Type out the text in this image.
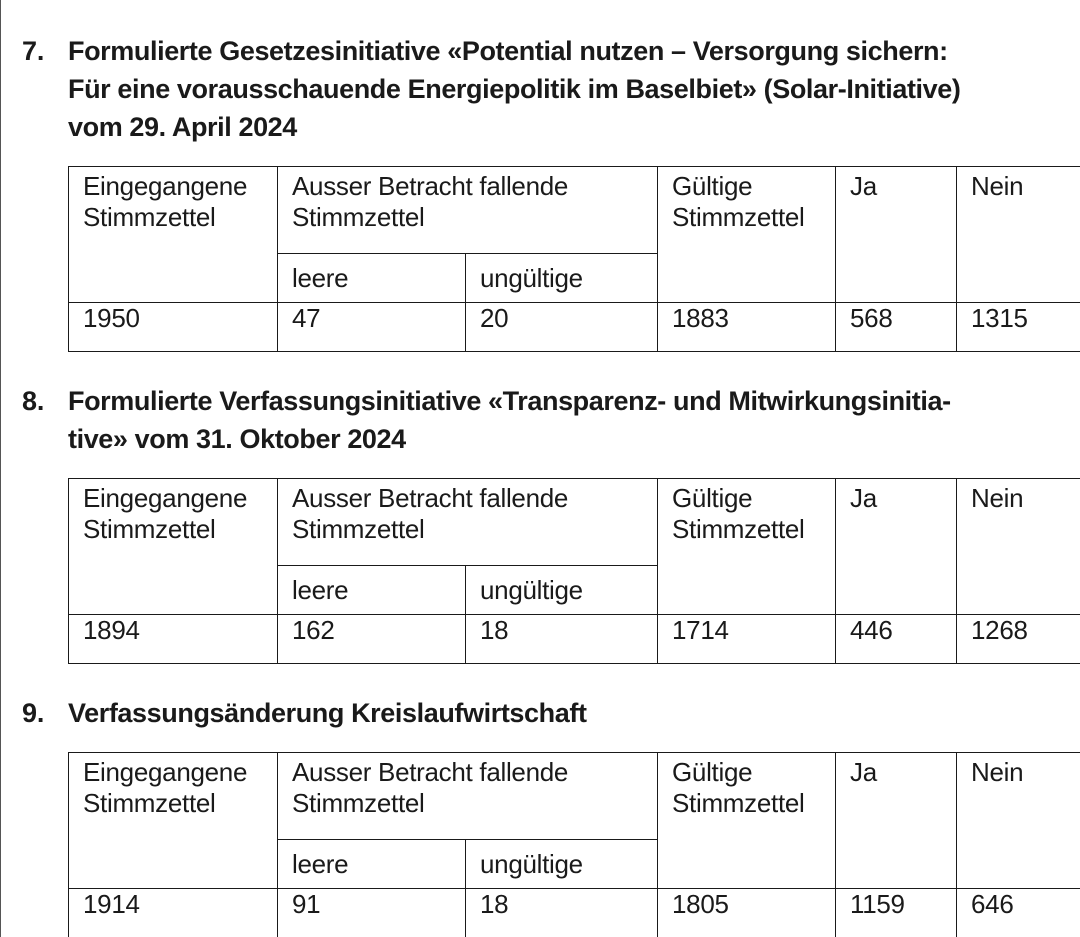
7. Formulierte Gesetzesinitiative «Potential nutzen – Versorgung sichern:
Für eine vorausschauende Energiepolitik im Baselbiet» (Solar-Initiative)
vom 29. April 2024
Eingegangene Stimmzettel	Ausser Betracht fallende Stimmzettel		Gültige Stimmzettel	Ja	Nein
	leere	ungültige			
1950	47	20	1883	568	1315
8. Formulierte Verfassungsinitiative «Transparenz- und Mitwirkungsinitia-
tive» vom 31. Oktober 2024
Eingegangene Stimmzettel	Ausser Betracht fallende Stimmzettel		Gültige Stimmzettel	Ja	Nein
	leere	ungültige			
1894	162	18	1714	446	1268
9. Verfassungsänderung Kreislaufwirtschaft
Eingegangene Stimmzettel	Ausser Betracht fallende Stimmzettel		Gültige Stimmzettel	Ja	Nein
	leere	ungültige			
1914	91	18	1805	1159	646
